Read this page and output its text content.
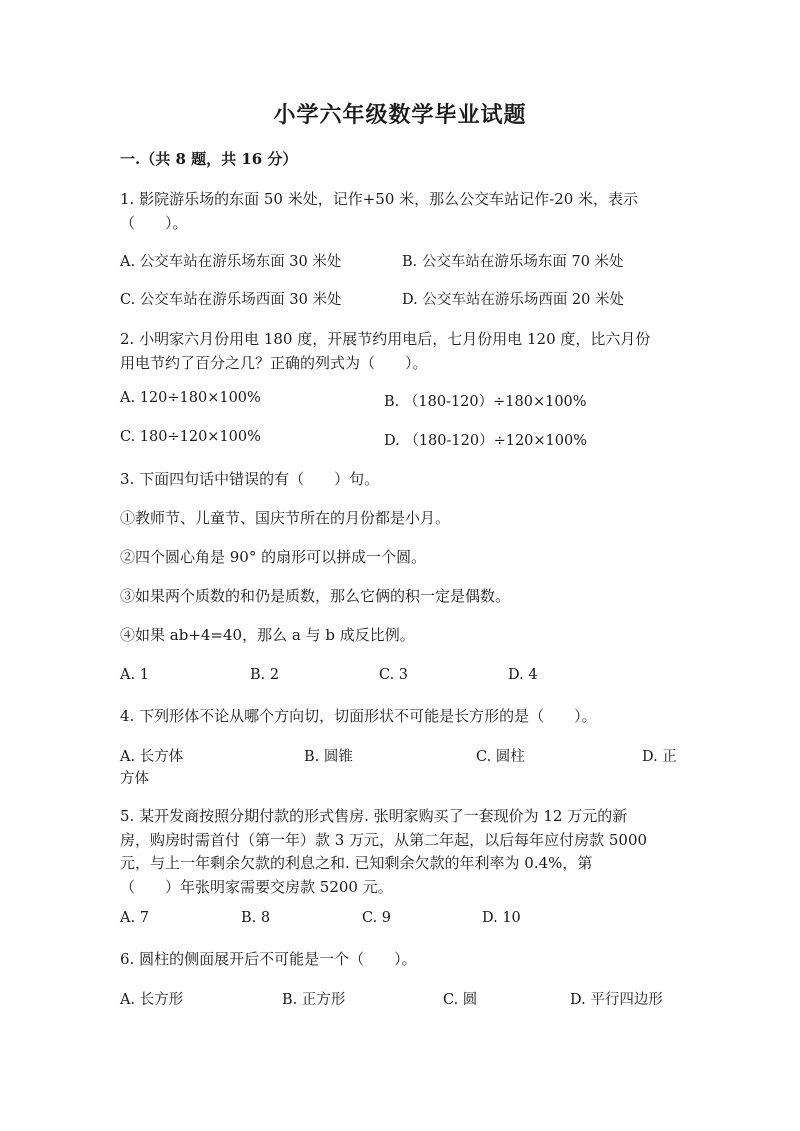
小学六年级数学毕业试题
一.（共 8 题，共 16 分）
1. 影院游乐场的东面 50 米处，记作+50 米，那么公交车站记作-20 米，表示
（　　）。
A. 公交车站在游乐场东面 30 米处	B. 公交车站在游乐场东面 70 米处
C. 公交车站在游乐场西面 30 米处	D. 公交车站在游乐场西面 20 米处
2. 小明家六月份用电 180 度，开展节约用电后，七月份用电 120 度，比六月份
用电节约了百分之几？正确的列式为（　　）。
A. 120÷180×100%	B. （180-120）÷180×100%
C. 180÷120×100%	D. （180-120）÷120×100%
3. 下面四句话中错误的有（　　）句。
①教师节、儿童节、国庆节所在的月份都是小月。
②四个圆心角是 90° 的扇形可以拼成一个圆。
③如果两个质数的和仍是质数，那么它俩的积一定是偶数。
④如果 ab+4=40，那么 a 与 b 成反比例。
A. 1	B. 2	C. 3	D. 4
4. 下列形体不论从哪个方向切，切面形状不可能是长方形的是（　　）。
A. 长方体	B. 圆锥	C. 圆柱	D. 正
方体
5. 某开发商按照分期付款的形式售房. 张明家购买了一套现价为 12 万元的新
房，购房时需首付（第一年）款 3 万元，从第二年起，以后每年应付房款 5000
元，与上一年剩余欠款的利息之和. 已知剩余欠款的年利率为 0.4%，第
（　　）年张明家需要交房款 5200 元。
A. 7	B. 8	C. 9	D. 10
6. 圆柱的侧面展开后不可能是一个（　　）。
A. 长方形	B. 正方形	C. 圆	D. 平行四边形
